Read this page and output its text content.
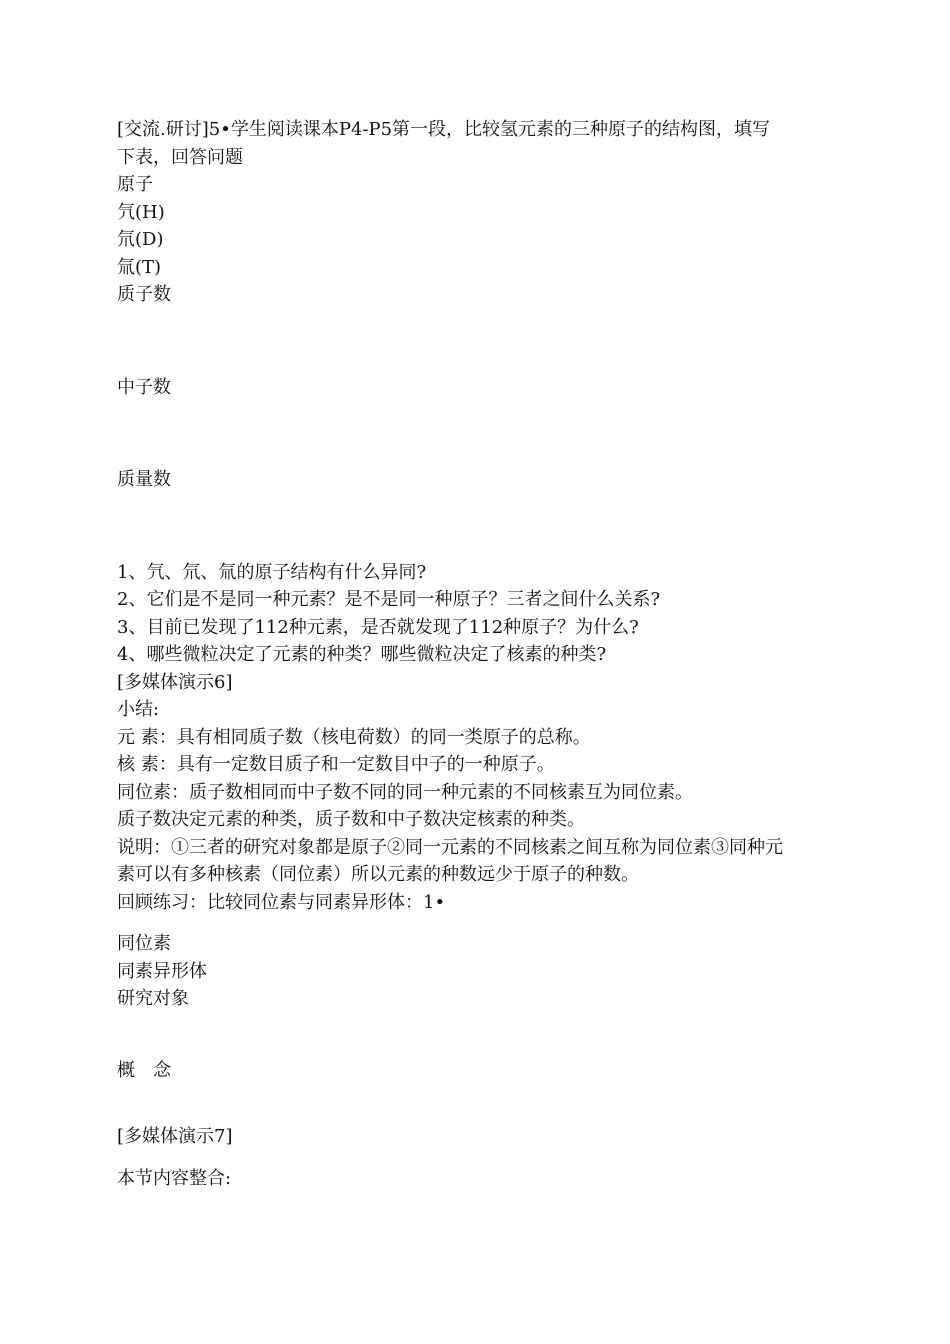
[交流.研讨]5•学生阅读课本P4-P5第一段，比较氢元素的三种原子的结构图，填写
下表，回答问题
原子
氕(H)
氘(D)
氚(T)
质子数
中子数
质量数
1、氕、氘、氚的原子结构有什么异同?
2、它们是不是同一种元素？是不是同一种原子？三者之间什么关系?
3、目前已发现了112种元素，是否就发现了112种原子？为什么?
4、哪些微粒决定了元素的种类？哪些微粒决定了核素的种类?
[多媒体演示6]
小结:
元 素：具有相同质子数（核电荷数）的同一类原子的总称。
核 素：具有一定数目质子和一定数目中子的一种原子。
同位素：质子数相同而中子数不同的同一种元素的不同核素互为同位素。
质子数决定元素的种类，质子数和中子数决定核素的种类。
说明：①三者的研究对象都是原子②同一元素的不同核素之间互称为同位素③同种元
素可以有多种核素（同位素）所以元素的种数远少于原子的种数。
回顾练习：比较同位素与同素异形体：1•
同位素
同素异形体
研究对象
概　念
[多媒体演示7]
本节内容整合:
